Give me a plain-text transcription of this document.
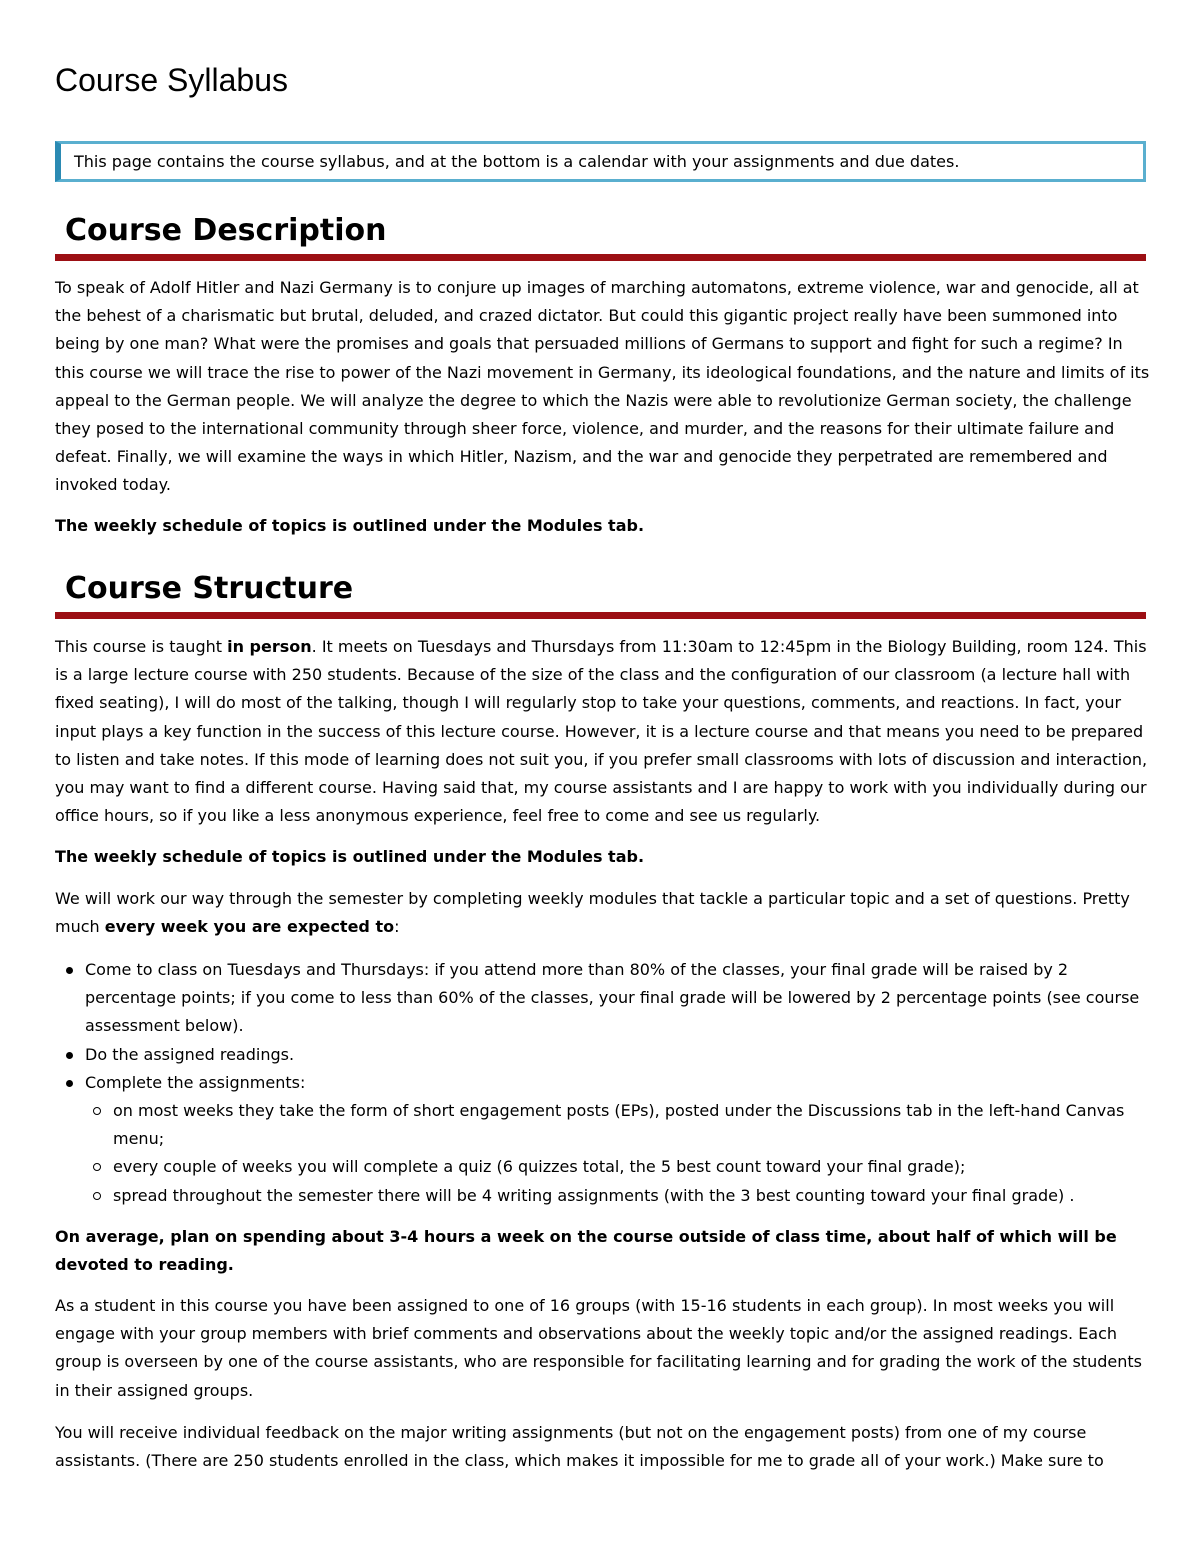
Course Syllabus
This page contains the course syllabus, and at the bottom is a calendar with your assignments and due dates.
Course Description

To speak of Adolf Hitler and Nazi Germany is to conjure up images of marching automatons, extreme violence, war and genocide, all at the behest of a charismatic but brutal, deluded, and crazed dictator. But could this gigantic project really have been summoned into being by one man? What were the promises and goals that persuaded millions of Germans to support and fight for such a regime? In this course we will trace the rise to power of the Nazi movement in Germany, its ideological foundations, and the nature and limits of its appeal to the German people. We will analyze the degree to which the Nazis were able to revolutionize German society, the challenge they posed to the international community through sheer force, violence, and murder, and the reasons for their ultimate failure and defeat. Finally, we will examine the ways in which Hitler, Nazism, and the war and genocide they perpetrated are remembered and invoked today.

The weekly schedule of topics is outlined under the Modules tab.

Course Structure

This course is taught in person. It meets on Tuesdays and Thursdays from 11:30am to 12:45pm in the Biology Building, room 124. This is a large lecture course with 250 students. Because of the size of the class and the configuration of our classroom (a lecture hall with fixed seating), I will do most of the talking, though I will regularly stop to take your questions, comments, and reactions. In fact, your input plays a key function in the success of this lecture course. However, it is a lecture course and that means you need to be prepared to listen and take notes. If this mode of learning does not suit you, if you prefer small classrooms with lots of discussion and interaction, you may want to find a different course. Having said that, my course assistants and I are happy to work with you individually during our office hours, so if you like a less anonymous experience, feel free to come and see us regularly.

The weekly schedule of topics is outlined under the Modules tab.

We will work our way through the semester by completing weekly modules that tackle a particular topic and a set of questions. Pretty much every week you are expected to:

Come to class on Tuesdays and Thursdays: if you attend more than 80% of the classes, your final grade will be raised by 2 percentage points; if you come to less than 60% of the classes, your final grade will be lowered by 2 percentage points (see course assessment below).
Do the assigned readings.
Complete the assignments:
on most weeks they take the form of short engagement posts (EPs), posted under the Discussions tab in the left-hand Canvas menu;
every couple of weeks you will complete a quiz (6 quizzes total, the 5 best count toward your final grade);
spread throughout the semester there will be 4 writing assignments (with the 3 best counting toward your final grade) .

On average, plan on spending about 3-4 hours a week on the course outside of class time, about half of which will be devoted to reading.

As a student in this course you have been assigned to one of 16 groups (with 15-16 students in each group). In most weeks you will engage with your group members with brief comments and observations about the weekly topic and/or the assigned readings. Each group is overseen by one of the course assistants, who are responsible for facilitating learning and for grading the work of the students in their assigned groups.

You will receive individual feedback on the major writing assignments (but not on the engagement posts) from one of my course assistants. (There are 250 students enrolled in the class, which makes it impossible for me to grade all of your work.) Make sure to
